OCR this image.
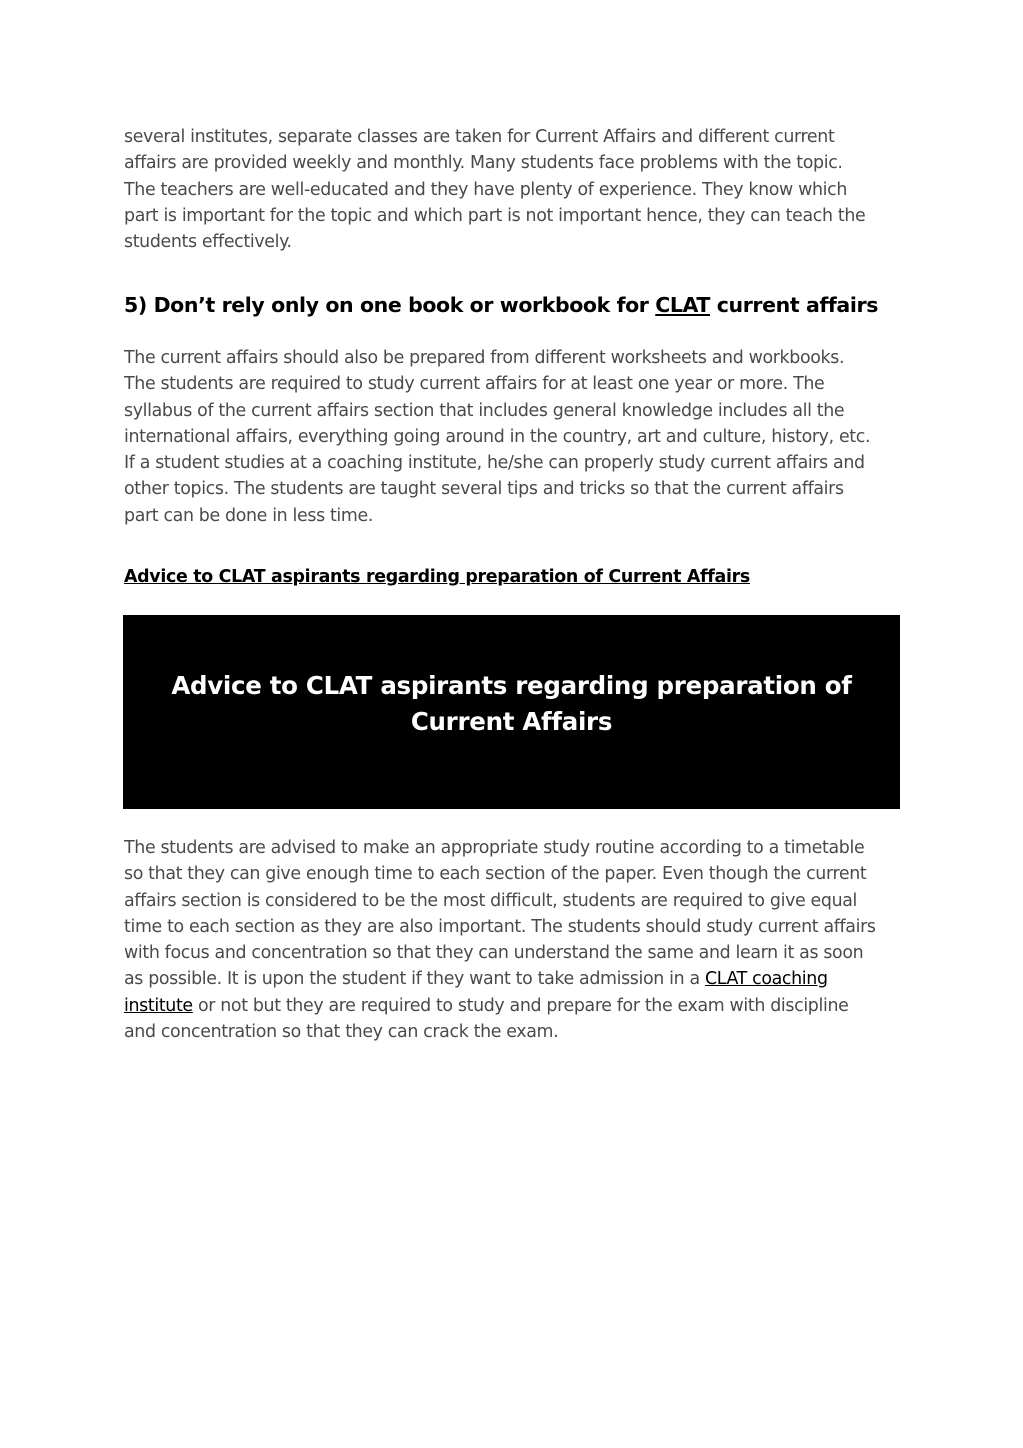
several institutes, separate classes are taken for Current Affairs and different current
affairs are provided weekly and monthly. Many students face problems with the topic.
The teachers are well-educated and they have plenty of experience. They know which
part is important for the topic and which part is not important hence, they can teach the
students effectively.

5) Don’t rely only on one book or workbook for CLAT current affairs

The current affairs should also be prepared from different worksheets and workbooks.
The students are required to study current affairs for at least one year or more. The
syllabus of the current affairs section that includes general knowledge includes all the
international affairs, everything going around in the country, art and culture, history, etc.
If a student studies at a coaching institute, he/she can properly study current affairs and
other topics. The students are taught several tips and tricks so that the current affairs
part can be done in less time.

Advice to CLAT aspirants regarding preparation of Current Affairs

Advice to CLAT aspirants regarding preparation of
Current Affairs

The students are advised to make an appropriate study routine according to a timetable
so that they can give enough time to each section of the paper. Even though the current
affairs section is considered to be the most difficult, students are required to give equal
time to each section as they are also important. The students should study current affairs
with focus and concentration so that they can understand the same and learn it as soon
as possible. It is upon the student if they want to take admission in a CLAT coaching
institute or not but they are required to study and prepare for the exam with discipline
and concentration so that they can crack the exam.
